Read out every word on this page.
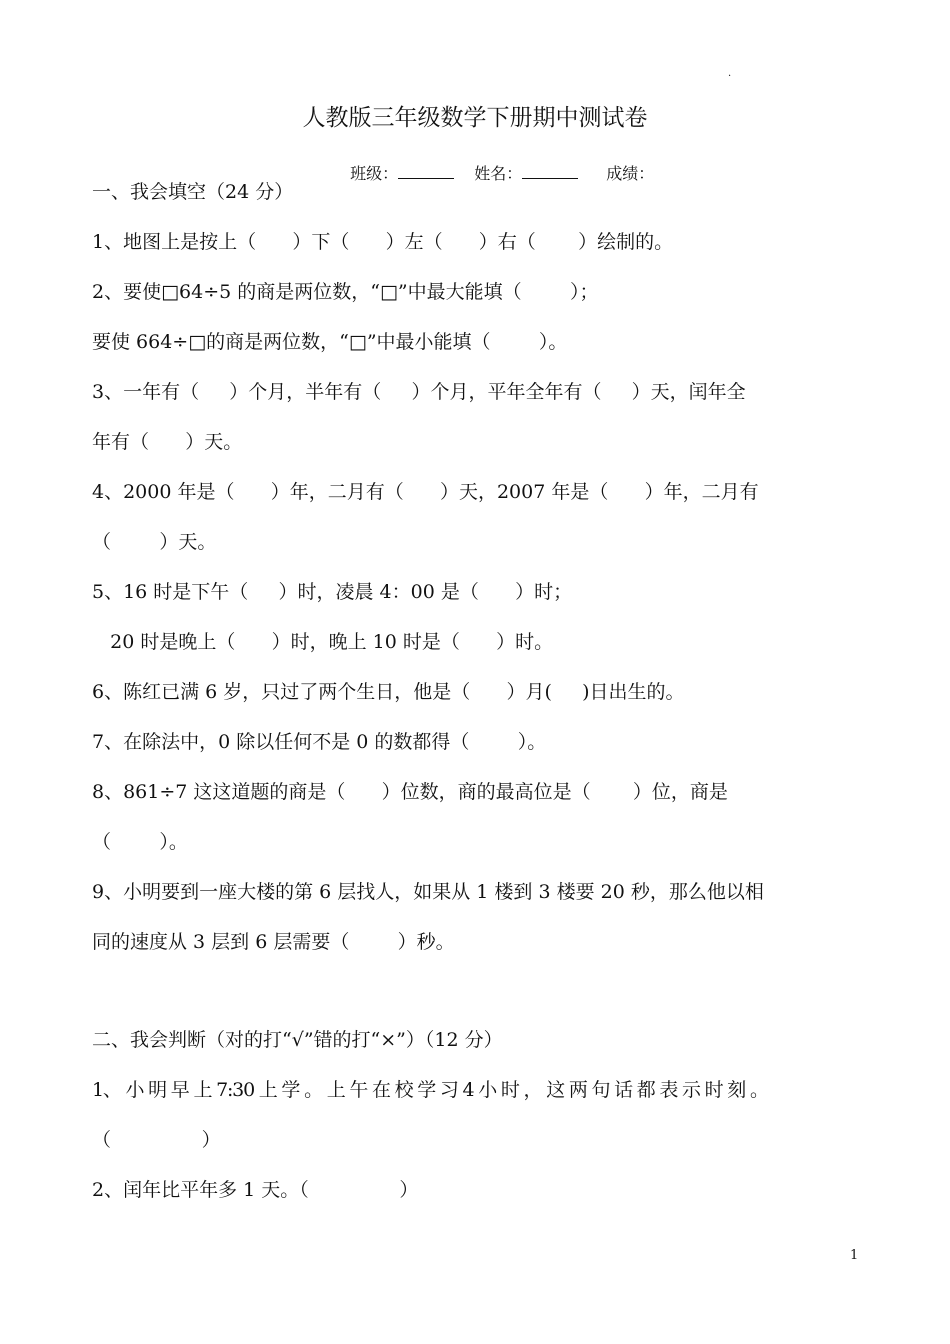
.
人教版三年级数学下册期中测试卷

班级：	姓名：	成绩：

一、我会填空（24 分）
1、地图上是按上（      ）下（      ）左（      ）右（       ）绘制的。
2、要使□64÷5 的商是两位数，“□”中最大能填（        ）；
要使 664÷□的商是两位数，“□”中最小能填（        ）。
3、一年有（     ）个月，半年有（     ）个月，平年全年有（     ）天，闰年全
年有（      ）天。
4、2000 年是（      ）年，二月有（      ）天，2007 年是（      ）年，二月有
（        ）天。
5、16 时是下午（     ）时，凌晨 4：00 是（      ）时；
20 时是晚上（      ）时，晚上 10 时是（      ）时。
6、陈红已满 6 岁，只过了两个生日，他是（      ）月(     )日出生的。
7、在除法中，0 除以任何不是 0 的数都得（        ）。
8、861÷7 这这道题的商是（      ）位数，商的最高位是（       ）位，商是
（        ）。
9、小明要到一座大楼的第 6 层找人，如果从 1 楼到 3 楼要 20 秒，那么他以相
同的速度从 3 层到 6 层需要（        ）秒。
二、我会判断（对的打“√”错的打“×”）（12 分）
1、 小 明 早 上 7:30 上 学 。 上 午 在 校 学 习 4 小 时 ， 这 两 句 话 都 表 示 时 刻 。
（               ）
2、闰年比平年多 1 天。（               ）
1
